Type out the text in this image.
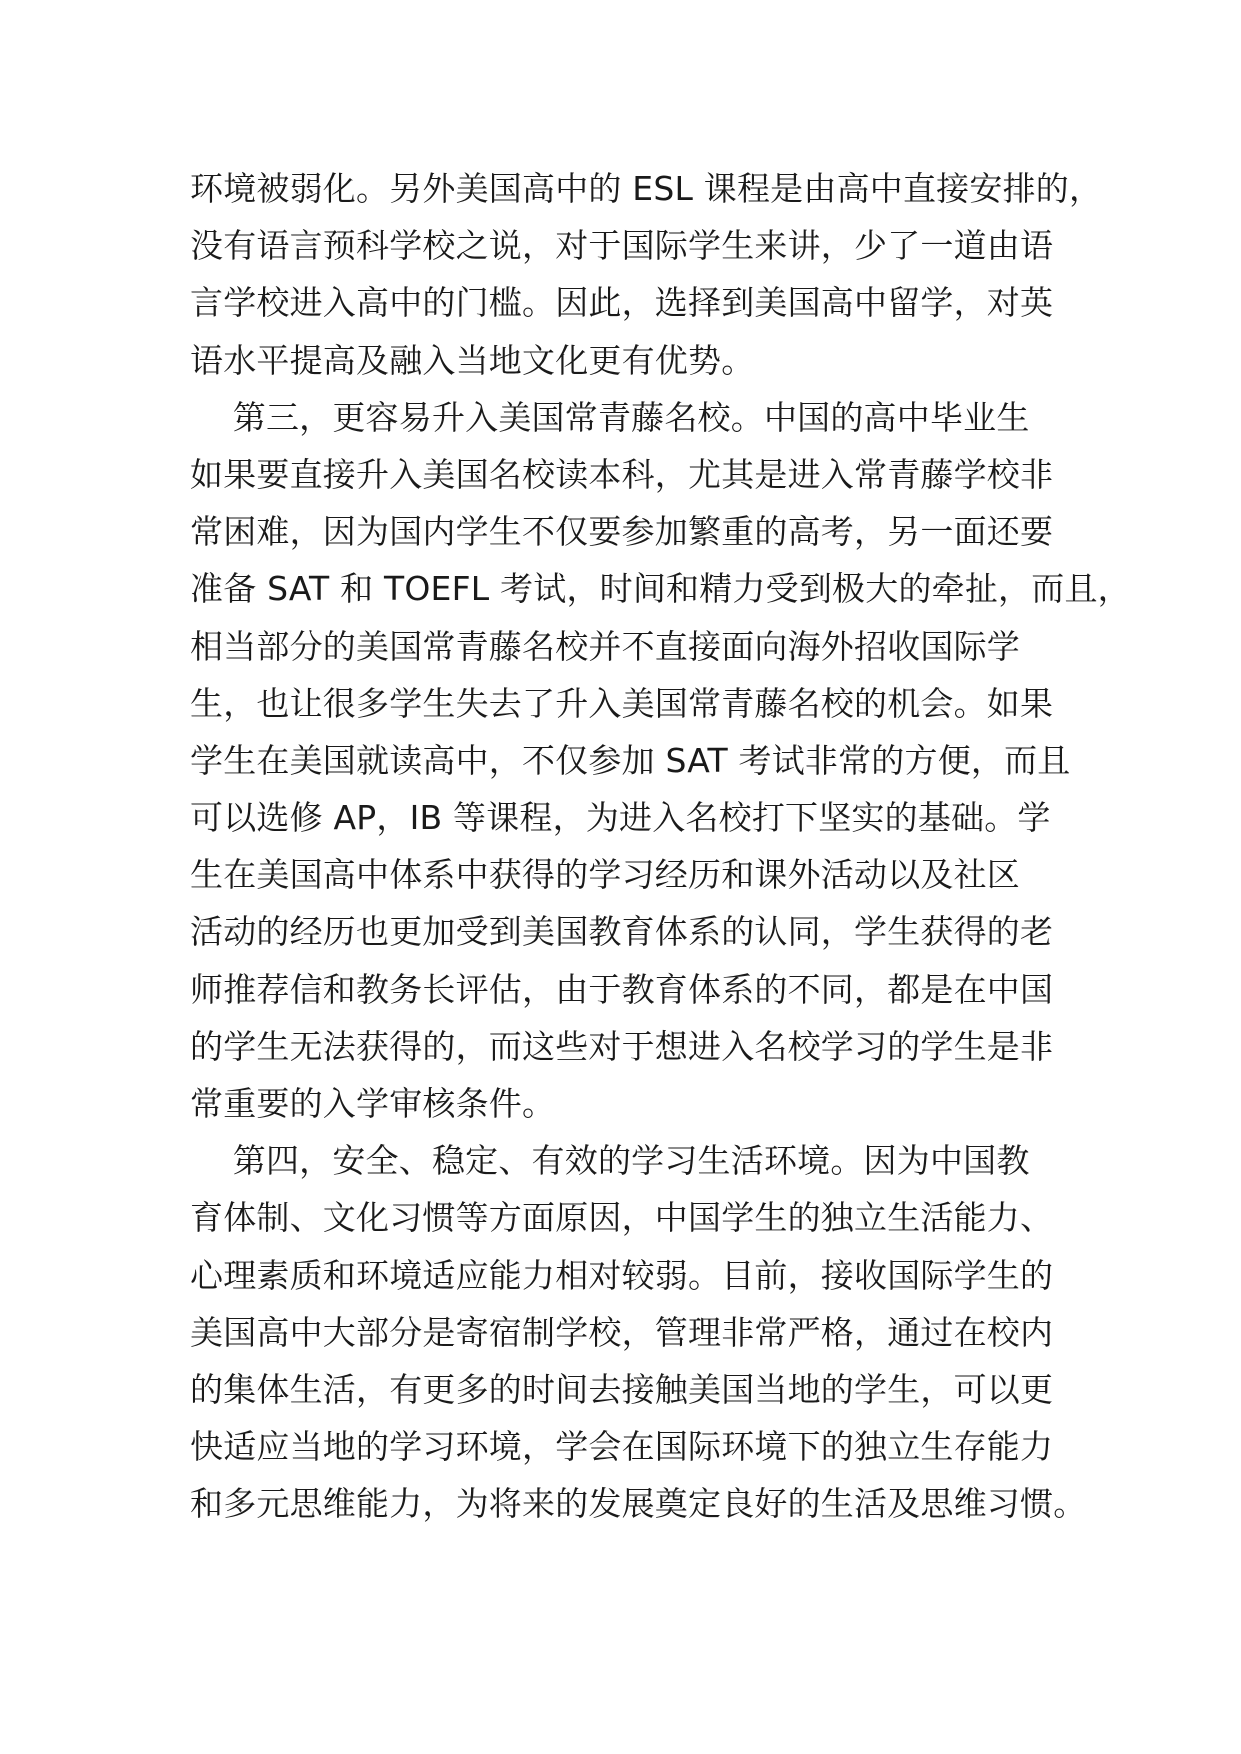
环境被弱化。另外美国高中的 ESL 课程是由高中直接安排的，
没有语言预科学校之说，对于国际学生来讲，少了一道由语
言学校进入高中的门槛。因此，选择到美国高中留学，对英
语水平提高及融入当地文化更有优势。
第三，更容易升入美国常青藤名校。中国的高中毕业生
如果要直接升入美国名校读本科，尤其是进入常青藤学校非
常困难，因为国内学生不仅要参加繁重的高考，另一面还要
准备 SAT 和 TOEFL 考试，时间和精力受到极大的牵扯，而且，
相当部分的美国常青藤名校并不直接面向海外招收国际学
生，也让很多学生失去了升入美国常青藤名校的机会。如果
学生在美国就读高中，不仅参加 SAT 考试非常的方便，而且
可以选修 AP，IB 等课程，为进入名校打下坚实的基础。学
生在美国高中体系中获得的学习经历和课外活动以及社区
活动的经历也更加受到美国教育体系的认同，学生获得的老
师推荐信和教务长评估，由于教育体系的不同，都是在中国
的学生无法获得的，而这些对于想进入名校学习的学生是非
常重要的入学审核条件。
第四，安全、稳定、有效的学习生活环境。因为中国教
育体制、文化习惯等方面原因，中国学生的独立生活能力、
心理素质和环境适应能力相对较弱。目前，接收国际学生的
美国高中大部分是寄宿制学校，管理非常严格，通过在校内
的集体生活，有更多的时间去接触美国当地的学生，可以更
快适应当地的学习环境，学会在国际环境下的独立生存能力
和多元思维能力，为将来的发展奠定良好的生活及思维习惯。
